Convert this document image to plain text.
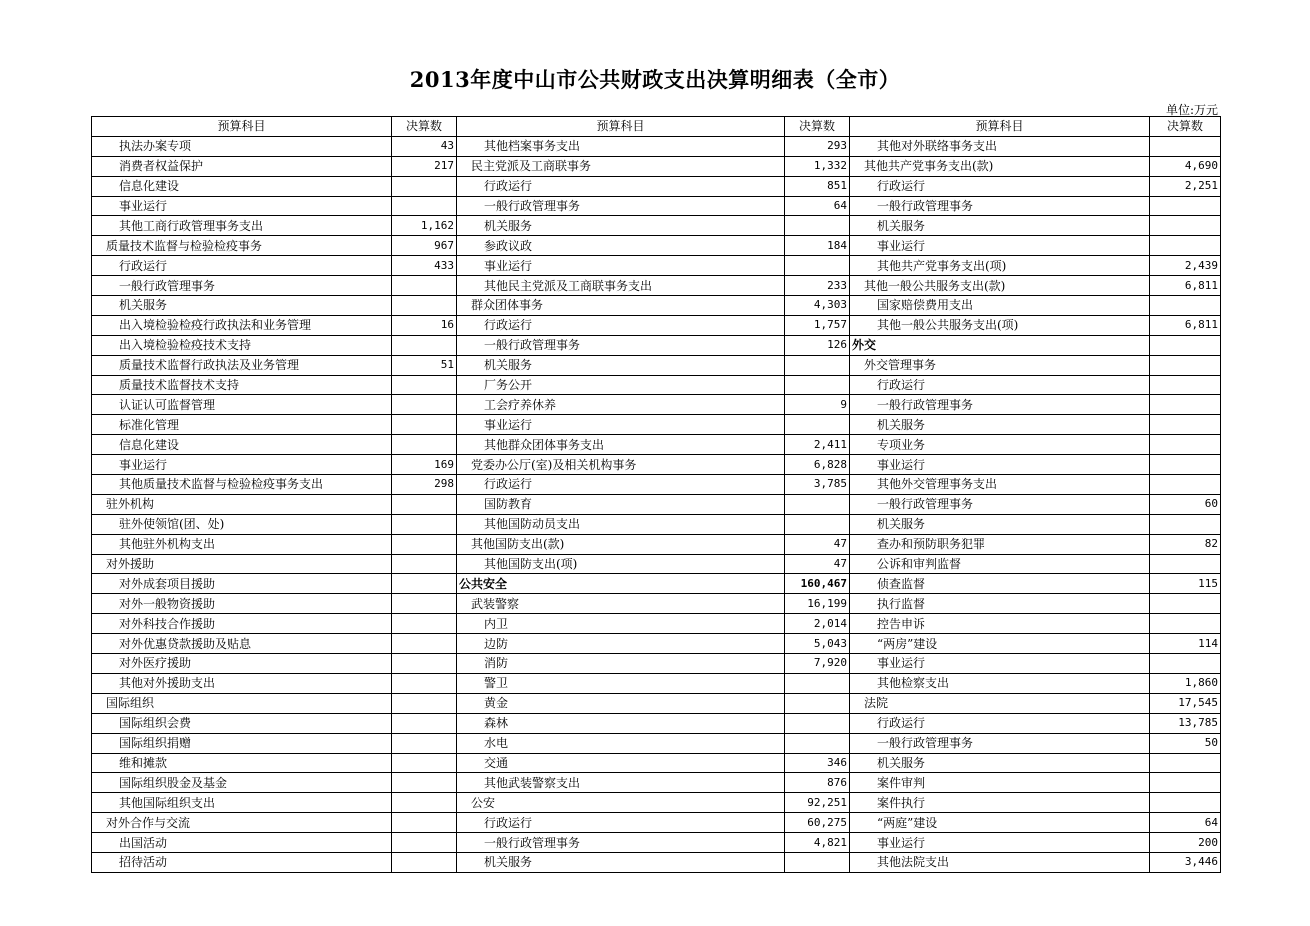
2013年度中山市公共财政支出决算明细表（全市）
单位:万元
预算科目	决算数	预算科目	决算数	预算科目	决算数
执法办案专项	43	其他档案事务支出	293	其他对外联络事务支出	
消费者权益保护	217	民主党派及工商联事务	1,332	其他共产党事务支出(款)	4,690
信息化建设		行政运行	851	行政运行	2,251
事业运行		一般行政管理事务	64	一般行政管理事务	
其他工商行政管理事务支出	1,162	机关服务		机关服务	
质量技术监督与检验检疫事务	967	参政议政	184	事业运行	
行政运行	433	事业运行		其他共产党事务支出(项)	2,439
一般行政管理事务		其他民主党派及工商联事务支出	233	其他一般公共服务支出(款)	6,811
机关服务		群众团体事务	4,303	国家赔偿费用支出	
出入境检验检疫行政执法和业务管理	16	行政运行	1,757	其他一般公共服务支出(项)	6,811
出入境检验检疫技术支持		一般行政管理事务	126	外交	
质量技术监督行政执法及业务管理	51	机关服务		外交管理事务	
质量技术监督技术支持		厂务公开		行政运行	
认证认可监督管理		工会疗养休养	9	一般行政管理事务	
标准化管理		事业运行		机关服务	
信息化建设		其他群众团体事务支出	2,411	专项业务	
事业运行	169	党委办公厅(室)及相关机构事务	6,828	事业运行	
其他质量技术监督与检验检疫事务支出	298	行政运行	3,785	其他外交管理事务支出	
驻外机构		国防教育		一般行政管理事务	60
驻外使领馆(团、处)		其他国防动员支出		机关服务	
其他驻外机构支出		其他国防支出(款)	47	查办和预防职务犯罪	82
对外援助		其他国防支出(项)	47	公诉和审判监督	
对外成套项目援助		公共安全	160,467	侦查监督	115
对外一般物资援助		武装警察	16,199	执行监督	
对外科技合作援助		内卫	2,014	控告申诉	
对外优惠贷款援助及贴息		边防	5,043	“两房”建设	114
对外医疗援助		消防	7,920	事业运行	
其他对外援助支出		警卫		其他检察支出	1,860
国际组织		黄金		法院	17,545
国际组织会费		森林		行政运行	13,785
国际组织捐赠		水电		一般行政管理事务	50
维和摊款		交通	346	机关服务	
国际组织股金及基金		其他武装警察支出	876	案件审判	
其他国际组织支出		公安	92,251	案件执行	
对外合作与交流		行政运行	60,275	“两庭”建设	64
出国活动		一般行政管理事务	4,821	事业运行	200
招待活动		机关服务		其他法院支出	3,446
